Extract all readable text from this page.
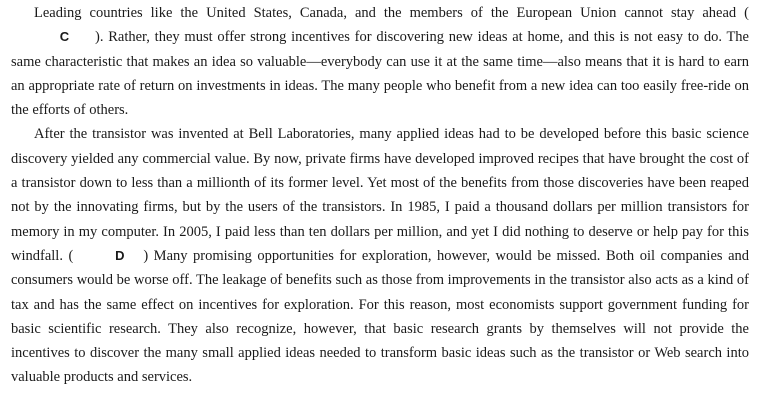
Leading countries like the United States, Canada, and the members of the European Union cannot stay ahead (C ). Rather, they must offer strong incentives for discovering new ideas at home, and this is not easy to do. The same characteristic that makes an idea so valuable—everybody can use it at the same time—also means that it is hard to earn an appropriate rate of return on investments in ideas. The many people who benefit from a new idea can too easily free-ride on the efforts of others.

After the transistor was invented at Bell Laboratories, many applied ideas had to be developed before this basic science discovery yielded any commercial value. By now, private firms have developed improved recipes that have brought the cost of a transistor down to less than a millionth of its former level. Yet most of the benefits from those discoveries have been reaped not by the innovating firms, but by the users of the transistors. In 1985, I paid a thousand dollars per million transistors for memory in my computer. In 2005, I paid less than ten dollars per million, and yet I did nothing to deserve or help pay for this windfall. (	D ) Many promising opportunities for exploration, however, would be missed. Both oil companies and consumers would be worse off. The leakage of benefits such as those from improvements in the transistor also acts as a kind of tax and has the same effect on incentives for exploration. For this reason, most economists support government funding for basic scientific research. They also recognize, however, that basic research grants by themselves will not provide the incentives to discover the many small applied ideas needed to transform basic ideas such as the transistor or Web search into valuable products and services.
